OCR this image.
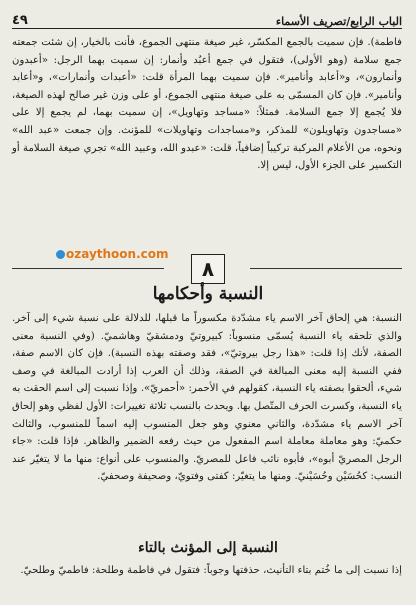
الباب الرابع/تصريف الأسماء
٤٩

فاطمة). فإن سميت بالجمع المكسّر، غير صيغة منتهى الجموع، فأنت بالخيار، إن شئت جمعته جمع سلامة (وهو الأولى)، فتقول في جمع أعبُد وأنمار: إن سميت بهما الرجل: «أعبدون وأنمارون»، و«أعابد وأنامير». فإن سميت بهما المرأة قلت: «أعبدات وأنمارات»، و«أعابد وأنامير». فإن كان المسمّى به على صيغة منتهى الجموع، أو على وزن غير صالح لهذه الصيغة، فلا يُجمع إلا جمع السلامة. فمثلاً: «مساجد وتهاويل»، إن سميت بهما، لم يجمع إلا على «مساجدون وتهاويلون» للمذكر، و«مساجدات وتهاويلات» للمؤنث. وإن جمعت «عبد الله» ونحوه، من الأعلام المركبة تركيباً إضافياً، قلت: «عبدو الله، وعبيد الله» تجري صيغة السلامة أو التكسير على الجزء الأول، ليس إلا.

٨
ozaythoon.com
النسبة وأحكامها

النسبة: هي إلحاق آخر الاسم ياء مشدّدة مكسوراً ما قبلها، للدلالة على نسبة شيء إلى آخر. والذي تلحقه ياء النسبة يُسمّى منسوباً: كبيروتيّ ودمشقيّ وهاشميّ. (وفي النسبة معنى الصفة، لأنك إذا قلت: «هذا رجل بيروتيّ»، فقد وصفته بهذه النسبة). فإن كان الاسم صفة، ففي النسبة إليه معنى المبالغة في الصفة، وذلك أن العرب إذا أرادت المبالغة في وصف شيء، ألحقوا بصفته ياء النسبة، كقولهم في الأحمر: «أحمريّ». وإذا نسبت إلى اسم الحقت به ياء النسبة، وكسرت الحرف المتّصل بها. ويحدث بالنسب ثلاثة تغييرات: الأول لفظي وهو إلحاق آخر الاسم ياء مشدّدة، والثاني معنوي وهو جعل المنسوب إليه اسماً للمنسوب، والثالث حكميّ: وهو معاملة معاملة اسم المفعول من حيث رفعه الضمير والظاهر. فإذا قلت: «جاء الرجل المصريّ أبوه»، فأبوه نائب فاعل للمصريّ. والمنسوب على أنواع: منها ما لا يتغيّر عند النسب: كحُسَيْن وحُسَيْنيّ. ومنها ما يتغيّر: كفتى وفتويّ، وصحيفة وصحفيّ.

النسبة إلى المؤنث بالتاء

إذا نسبت إلى ما خُتم بتاء التأنيث، حذفتها وجوباً: فتقول في فاطمة وطلحة: فاطميّ وطلحيّ.
